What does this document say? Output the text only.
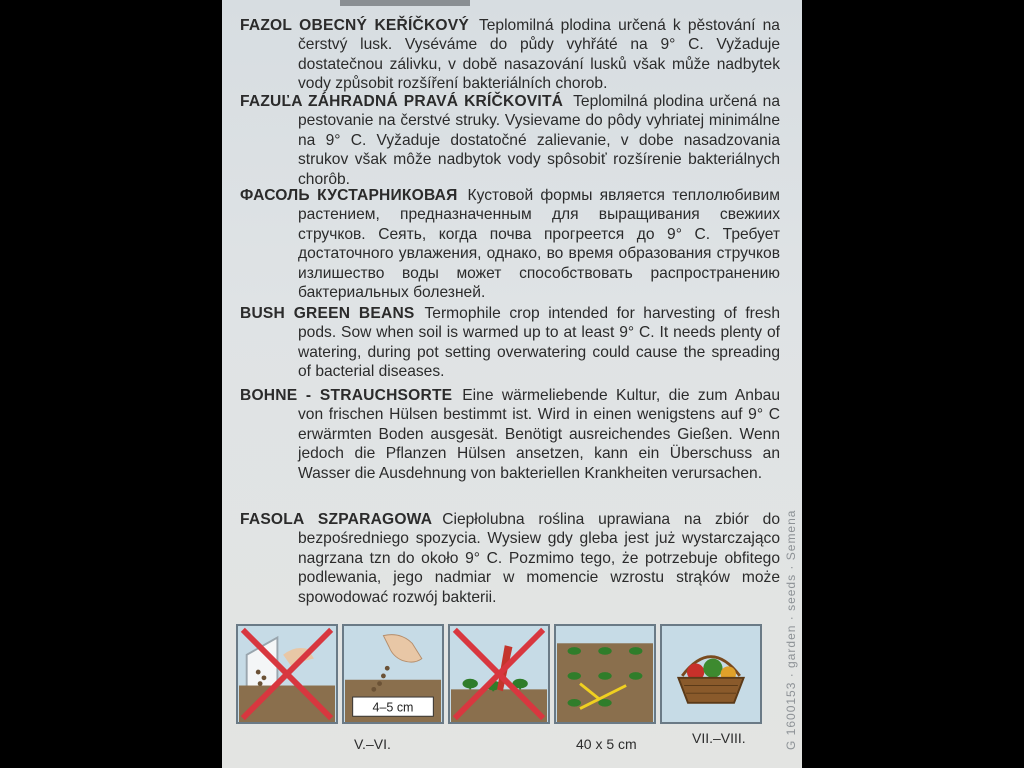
FAZOL OBECNÝ KEŘÍČKOVÝ Teplomilná plodina určená k pěstování na čerstvý lusk. Vyséváme do půdy vyhřáté na 9° C. Vyžaduje dostatečnou zálivku, v době nasazování lusků však může nadbytek vody způsobit rozšíření bakteriálních chorob.
FAZUĽA ZÁHRADNÁ PRAVÁ KRÍČKOVITÁ Teplomilná plodina určená na pestovanie na čerstvé struky. Vysievame do pôdy vyhriatej minimálne na 9° C. Vyžaduje dostatočné zalievanie, v dobe nasadzovania strukov však môže nadbytok vody spôsobiť rozšírenie bakteriálnych chorôb.
ФАСОЛЬ КУСТАРНИКОВАЯ Кустовой формы является теплолюбивим растением, предназначенным для выращивания свежиих стручков. Сеять, когда почва прогреется до 9° C. Требует достаточного увлажения, однако, во время образования стручков излишество воды может способствовать распространению бактериальных болезней.
BUSH GREEN BEANS Termophile crop intended for harvesting of fresh pods. Sow when soil is warmed up to at least 9° C. It needs plenty of watering, during pot setting overwatering could cause the spreading of bacterial diseases.
BOHNE - STRAUCHSORTE Eine wärmeliebende Kultur, die zum Anbau von frischen Hülsen bestimmt ist. Wird in einen wenigstens auf 9° C erwärmten Boden ausgesät. Benötigt ausreichendes Gießen. Wenn jedoch die Pflanzen Hülsen ansetzen, kann ein Überschuss an Wasser die Ausdehnung von bakteriellen Krankheiten verursachen.
FASOLA SZPARAGOWA Ciepłolubna roślina uprawiana na zbiór do bezpośredniego spozycia. Wysiew gdy gleba jest już wystarczająco nagrzana tzn do około 9° C. Pozmimo tego, że potrzebuje obfitego podlewania, jego nadmiar w momencie wzrostu strąków może spowodować rozwój bakterii.	G 1600153 · garden · seeds · Semena
4–5 cm
V.–VI.	40 x 5 cm	VII.–VIII.
